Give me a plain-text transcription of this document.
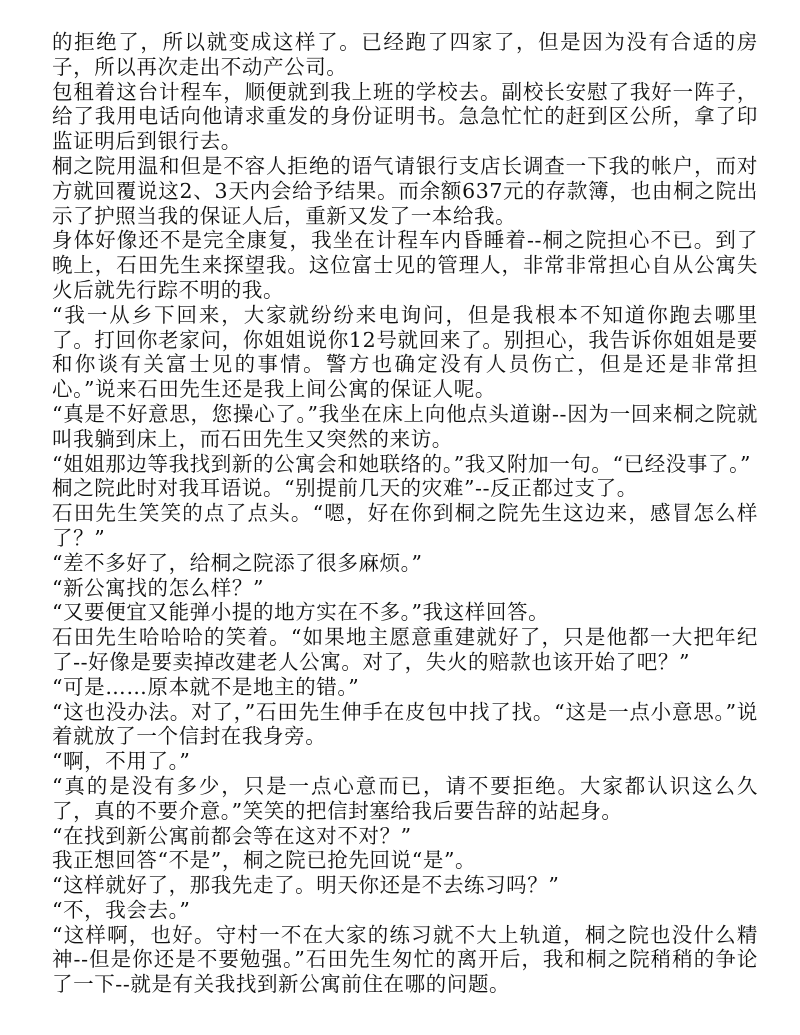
的拒绝了，所以就变成这样了。已经跑了四家了，但是因为没有合适的房子，所以再次走出不动产公司。

包租着这台计程车，顺便就到我上班的学校去。副校长安慰了我好一阵子，给了我用电话向他请求重发的身份证明书。急急忙忙的赶到区公所，拿了印监证明后到银行去。

桐之院用温和但是不容人拒绝的语气请银行支店长调查一下我的帐户，而对方就回覆说这2、3天内会给予结果。而余额637元的存款簿，也由桐之院出示了护照当我的保证人后，重新又发了一本给我。

身体好像还不是完全康复，我坐在计程车内昏睡着--桐之院担心不已。到了晚上，石田先生来探望我。这位富士见的管理人，非常非常担心自从公寓失火后就先行踪不明的我。

“我一从乡下回来，大家就纷纷来电询问，但是我根本不知道你跑去哪里了。打回你老家问，你姐姐说你12号就回来了。别担心，我告诉你姐姐是要和你谈有关富士见的事情。警方也确定没有人员伤亡，但是还是非常担心。”说来石田先生还是我上间公寓的保证人呢。

“真是不好意思，您操心了。”我坐在床上向他点头道谢--因为一回来桐之院就叫我躺到床上，而石田先生又突然的来访。

“姐姐那边等我找到新的公寓会和她联络的。”我又附加一句。“已经没事了。”

桐之院此时对我耳语说。“别提前几天的灾难”--反正都过支了。

石田先生笑笑的点了点头。“嗯，好在你到桐之院先生这边来，感冒怎么样了？”

“差不多好了，给桐之院添了很多麻烦。”

“新公寓找的怎么样？”

“又要便宜又能弹小提的地方实在不多。”我这样回答。

石田先生哈哈哈的笑着。“如果地主愿意重建就好了，只是他都一大把年纪了--好像是要卖掉改建老人公寓。对了，失火的赔款也该开始了吧？”

“可是……原本就不是地主的错。”

“这也没办法。对了，”石田先生伸手在皮包中找了找。“这是一点小意思。”说着就放了一个信封在我身旁。

“啊，不用了。”

“真的是没有多少，只是一点心意而已，请不要拒绝。大家都认识这么久了，真的不要介意。”笑笑的把信封塞给我后要告辞的站起身。

“在找到新公寓前都会等在这对不对？”

我正想回答“不是”，桐之院已抢先回说“是”。

“这样就好了，那我先走了。明天你还是不去练习吗？”

“不，我会去。”

“这样啊，也好。守村一不在大家的练习就不大上轨道，桐之院也没什么精神--但是你还是不要勉强。”石田先生匆忙的离开后，我和桐之院稍稍的争论了一下--就是有关我找到新公寓前住在哪的问题。
